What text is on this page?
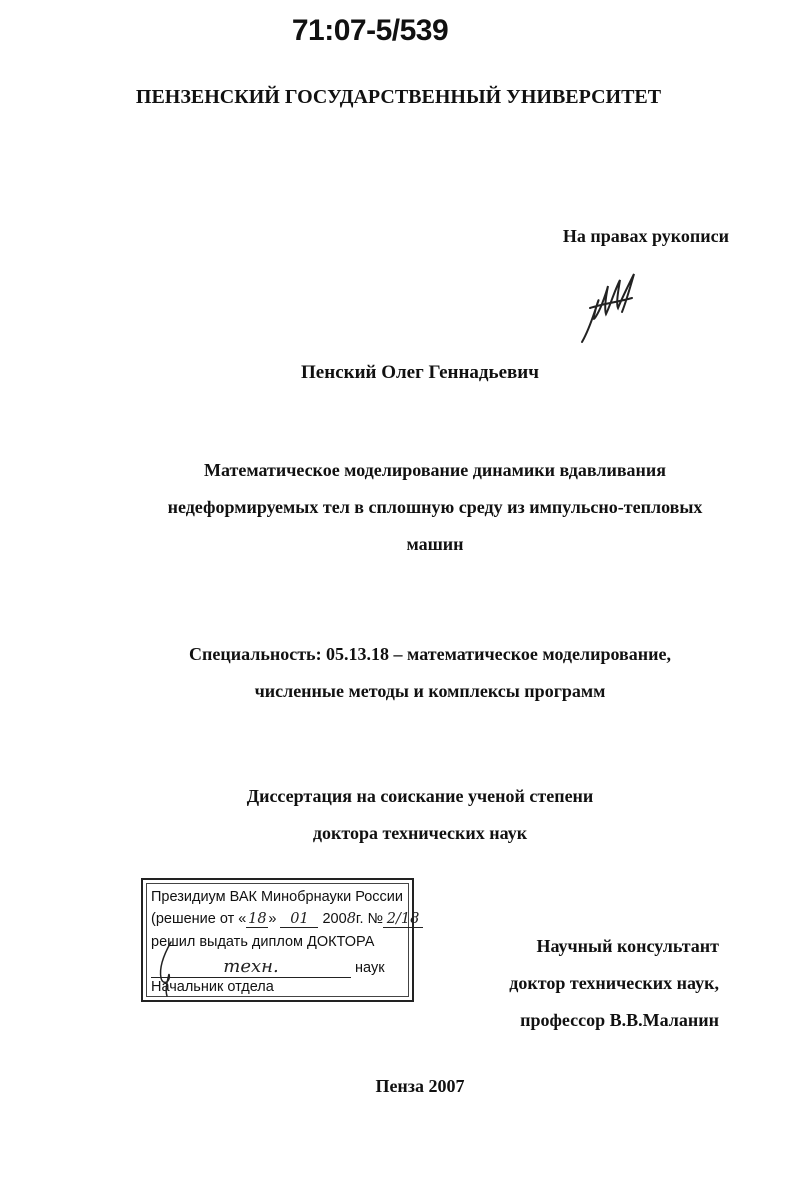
71:07-5/539
ПЕНЗЕНСКИЙ ГОСУДАРСТВЕННЫЙ УНИВЕРСИТЕТ
На правах рукописи
Пенский Олег Геннадьевич
Математическое моделирование динамики вдавливания
недеформируемых тел в сплошную среду из импульсно-тепловых
машин
Специальность: 05.13.18 – математическое моделирование,
численные методы и комплексы программ
Диссертация на соискание ученой степени
доктора технических наук
Президиум ВАК Минобрнауки России
(решение от « 18 » 01 2008г. № 2/18
решил выдать диплом ДОКТОРА
техн.	наук
Начальник отдела
Научный консультант
доктор технических наук,
профессор В.В.Маланин
Пенза 2007
